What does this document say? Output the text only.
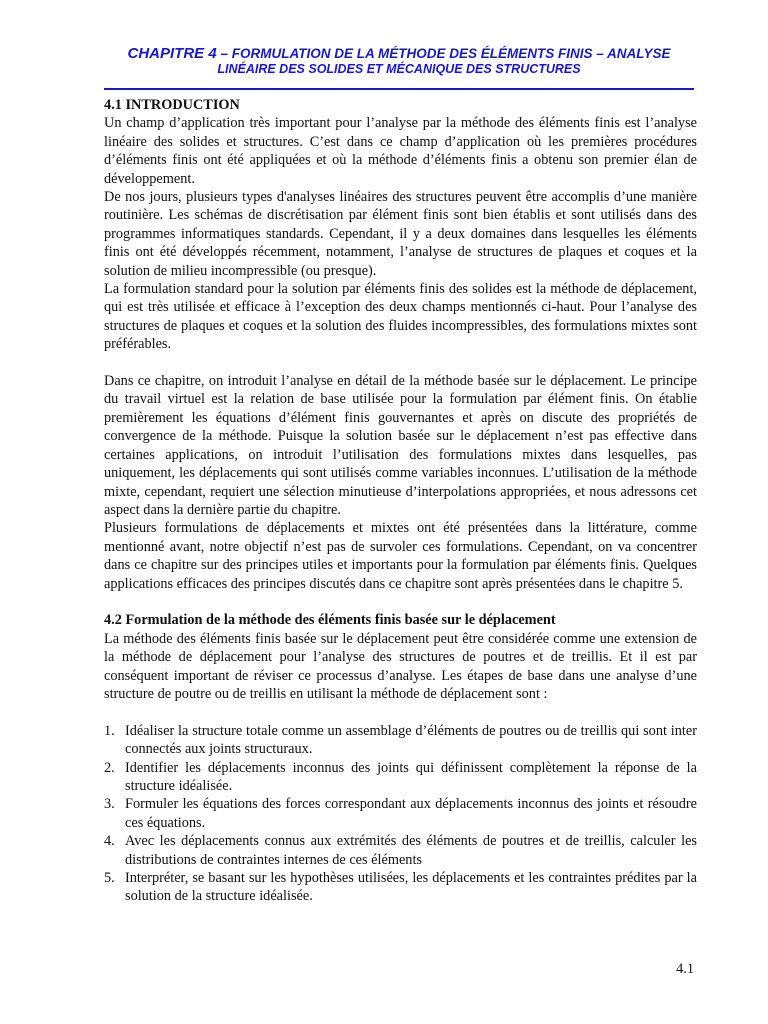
CHAPITRE 4 – FORMULATION DE LA MÉTHODE DES ÉLÉMENTS FINIS – ANALYSE
LINÉAIRE DES SOLIDES ET MÉCANIQUE DES STRUCTURES
4.1 INTRODUCTION

Un champ d’application très important pour l’analyse par la méthode des éléments finis est l’analyse linéaire des solides et structures. C’est dans ce champ d’application où les premières procédures d’éléments finis ont été appliquées et où la méthode d’éléments finis a obtenu son premier élan de développement.

De nos jours, plusieurs types d'analyses linéaires des structures peuvent être accomplis d’une manière routinière. Les schémas de discrétisation par élément finis sont bien établis et sont utilisés dans des programmes informatiques standards. Cependant, il y a deux domaines dans lesquelles les éléments finis ont été développés récemment, notamment, l’analyse de structures de plaques et coques et la solution de milieu incompressible (ou presque).

La formulation standard pour la solution par éléments finis des solides est la méthode de déplacement, qui est très utilisée et efficace à l’exception des deux champs mentionnés ci-haut. Pour l’analyse des structures de plaques et coques et la solution des fluides incompressibles, des formulations mixtes sont préférables.

Dans ce chapitre, on introduit l’analyse en détail de la méthode basée sur le déplacement. Le principe du travail virtuel est la relation de base utilisée pour la formulation par élément finis. On établie premièrement les équations d’élément finis gouvernantes et après on discute des propriétés de convergence de la méthode. Puisque la solution basée sur le déplacement n’est pas effective dans certaines applications, on introduit l’utilisation des formulations mixtes dans lesquelles, pas uniquement, les déplacements qui sont utilisés comme variables inconnues. L’utilisation de la méthode mixte, cependant, requiert une sélection minutieuse d’interpolations appropriées, et nous adressons cet aspect dans la dernière partie du chapitre.

Plusieurs formulations de déplacements et mixtes ont été présentées dans la littérature, comme mentionné avant, notre objectif n’est pas de survoler ces formulations. Cependant, on va concentrer dans ce chapitre sur des principes utiles et importants pour la formulation par éléments finis. Quelques applications efficaces des principes discutés dans ce chapitre sont après présentées dans le chapitre 5.

4.2 Formulation de la méthode des éléments finis basée sur le déplacement

La méthode des éléments finis basée sur le déplacement peut être considérée comme une extension de la méthode de déplacement pour l’analyse des structures de poutres et de treillis. Et il est par conséquent important de réviser ce processus d’analyse. Les étapes de base dans une analyse d’une structure de poutre ou de treillis en utilisant la méthode de déplacement sont :

1. Idéaliser la structure totale comme un assemblage d’éléments de poutres ou de treillis qui sont inter connectés aux joints structuraux.
2. Identifier les déplacements inconnus des joints qui définissent complètement la réponse de la structure idéalisée.
3. Formuler les équations des forces correspondant aux déplacements inconnus des joints et résoudre ces équations.
4. Avec les déplacements connus aux extrémités des éléments de poutres et de treillis, calculer les distributions de contraintes internes de ces éléments
5. Interpréter, se basant sur les hypothèses utilisées, les déplacements et les contraintes prédites par la solution de la structure idéalisée.
4.1
